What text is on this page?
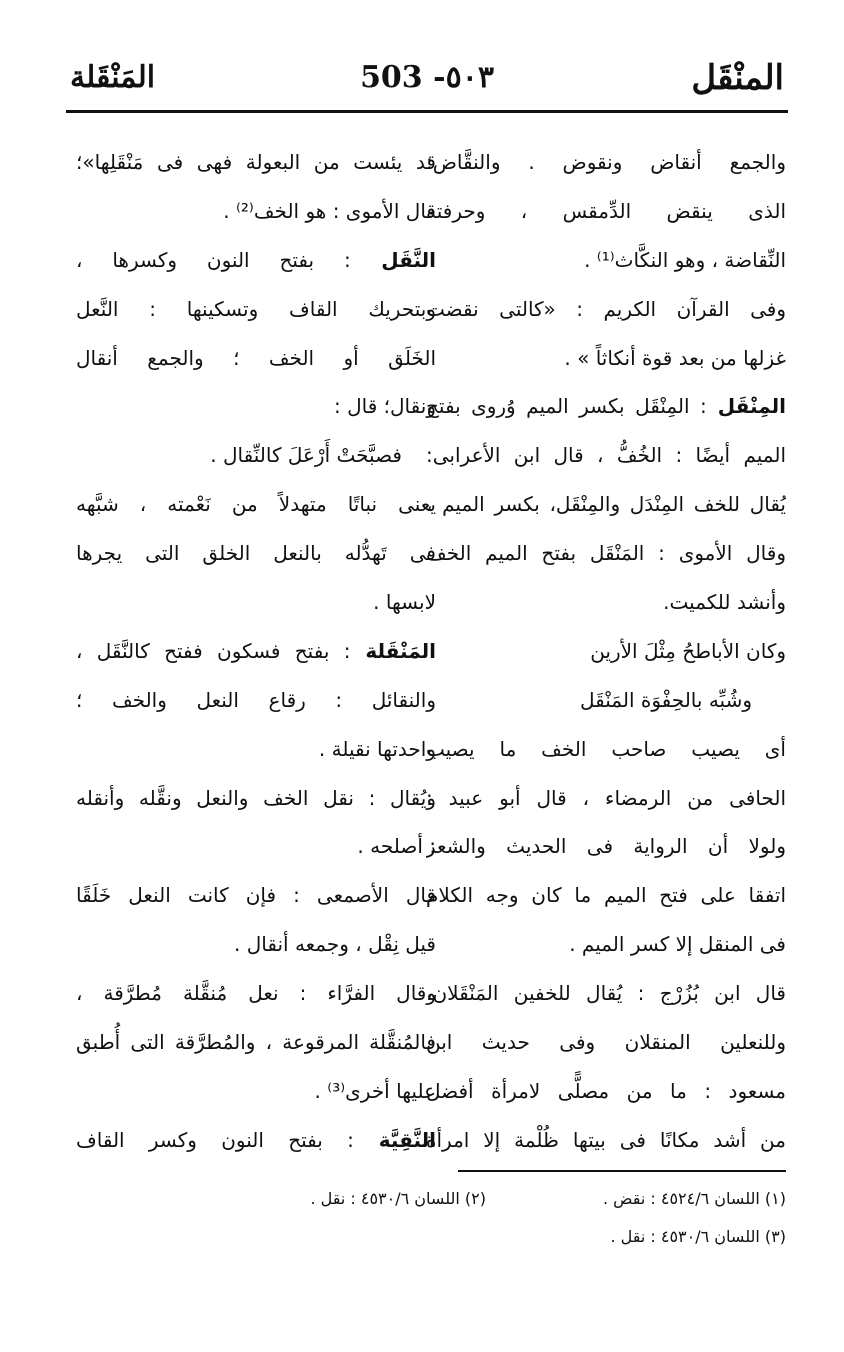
المنْقَل
503 -٥٠٣
المَنْقَلة
والجمع أنقاض ونقوض . والنقَّاض:
الذى ينقض الدِّمقس ، وحرفته
النِّقاضة ، وهو النكَّاث⁽¹⁾ .
وفى القرآن الكريم : «كالتى نقضت
غزلها من بعد قوة أنكاثاً » .
المِنْقَل : المِنْقَل بكسر الميم وُروى بفتح
الميم أيضًا : الخُفُّ ، قال ابن الأعرابى:
يُقال للخف المِنْدَل والمِنْقَل، بكسر الميم ،
وقال الأموى : المَنْقَل بفتح الميم الخف
وأنشد للكميت.
وكان الأباطحُ مِثْلَ الأرين
وشُبِّه بالحِفْوَة المَنْقَل
أى يصيب صاحب الخف ما يصيب
الحافى من الرمضاء ، قال أبو عبيد :
ولولا أن الرواية فى الحديث والشعر
اتفقا على فتح الميم ما كان وجه الكلام
فى المنقل إلا كسر الميم .
قال ابن بُزُرْج : يُقال للخفين المَنْقَلان،
وللنعلين المنقلان وفى حديث ابن
مسعود : ما من مصلًّى لامرأة أفضل
من أشد مكانًا فى بيتها ظُلْمة إلا امرأة
قد يئست من البعولة فهى فى مَنْقَلِها»؛
قال الأموى : هو الخف⁽²⁾ .
النَّقَل : بفتح النون وكسرها ،
وبتحريك القاف وتسكينها : النَّعل
الخَلَق أو الخف ؛ والجمع أنقال
ونقال؛ قال :
فصبَّحَتْ أَرْعَلَ كالنِّقال .
يعنى نباتًا متهدلاً من نَعْمته ، شبَّهه
فى تَهدُّله بالنعل الخلق التى يجرها
لابسها .
المَنْقَلة : بفتح فسكون ففتح كالنَّقَل ،
والنقائل : رقاع النعل والخف ؛
واحدتها نقيلة .
ويُقال : نقل الخف والنعل ونقَّله وأنقله
: أصلحه .
قال الأصمعى : فإن كانت النعل خَلَقًا
قيل نِقْل ، وجمعه أنقال .
وقال الفرَّاء : نعل مُنقَّلة مُطرَّقة ،
فالمُنقَّلة المرقوعة ، والمُطرَّقة التى أُطبق
عليها أخرى⁽³⁾ .
النَّقِيَّة : بفتح النون وكسر القاف
(١) اللسان ٤٥٢٤/٦ : نقض .
(٢) اللسان ٤٥٣٠/٦ : نقل .
(٣) اللسان ٤٥٣٠/٦ : نقل .
